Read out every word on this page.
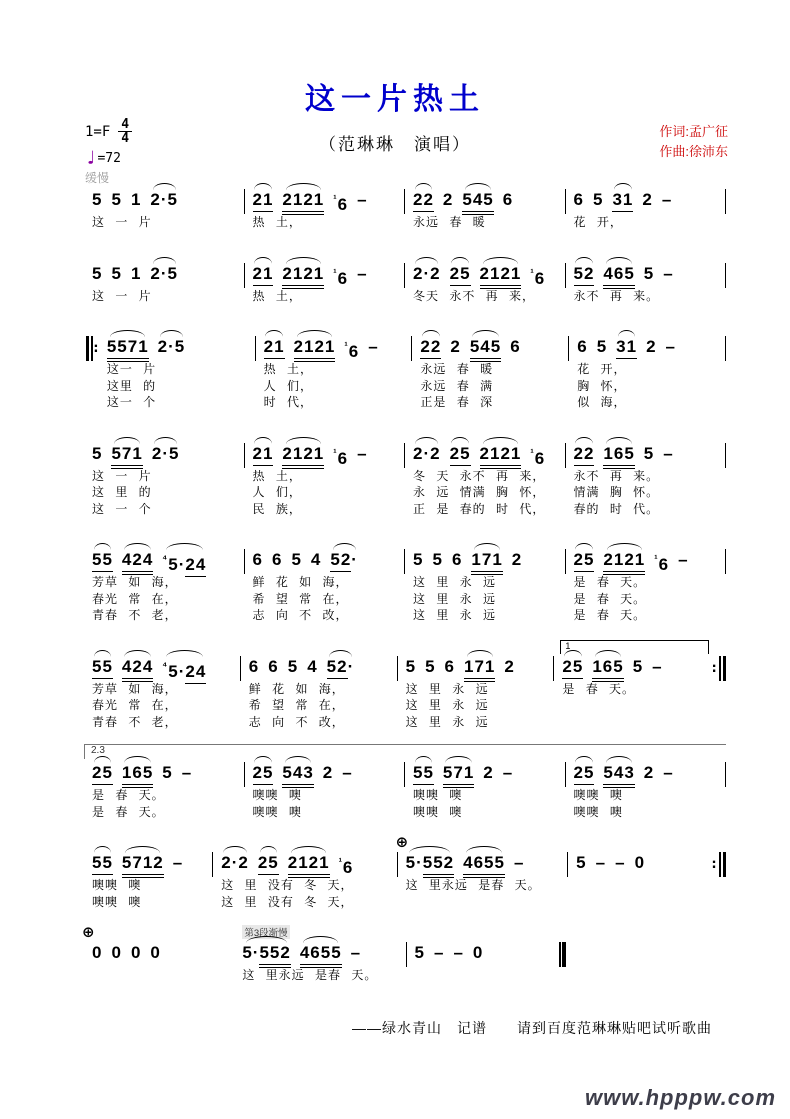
这一片热土
（范琳琳　演唱）
作词:孟广征
作曲:徐沛东
$1=F \frac{4}{4}$
♩ =72
缓慢
5 5 1 2·5
这 一 片
21 2121 $^{^1}$6 –
热 土，
22 2 545 6
永远 春 暖
6 5 31 2 –
花 开，
5 5 1 2·5
这 一 片
21 2121 $^{^1}$6 –
热 土，
2·2 25 2121 $^{^1}$6
冬天 永不 再 来，
52 465 5 –
永不 再 来。
∶ 5571 2·5
这一 片
这里 的
这一 个
21 2121 $^{^1}$6 –
热 土，
人 们，
时 代，
22 2 545 6
永远 春 暖
永远 春 满
正是 春 深
6 5 31 2 –
花 开，
胸 怀，
似 海，
5 571 2·5
这 一 片
这 里 的
这 一 个
21 2121 $^{^1}$6 –
热 土，
人 们，
民 族，
2·2 25 2121 $^{^1}$6
冬 天 永不 再 来，
永 远 情满 胸 怀，
正 是 春的 时 代，
22 165 5 –
永不 再 来。
情满 胸 怀。
春的 时 代。
55 424 $^{^4}$5·24
芳草 如 海，
春光 常 在，
青春 不 老，
6 6 5 4 52·
鲜 花 如 海，
希 望 常 在，
志 向 不 改，
5 5 6 171 2
这 里 永 远
这 里 永 远
这 里 永 远
25 2121 $^{^1}$6 –
是 春 天。
是 春 天。
是 春 天。
55 424 $^{^4}$5·24
芳草 如 海，
春光 常 在，
青春 不 老，
6 6 5 4 52·
鲜 花 如 海，
希 望 常 在，
志 向 不 改，
5 5 6 171 2
这 里 永 远
这 里 永 远
这 里 永 远
1
25 165 5 –
是 春 天。
∶
2.3
25 165 5 –
是 春 天。
是 春 天。
25 543 2 –
噢噢 噢
噢噢 噢
55 571 2 –
噢噢 噢
噢噢 噢
25 543 2 –
噢噢 噢
噢噢 噢
55 5712 –
噢噢 噢
噢噢 噢
2·2 25 2121 $^{^1}$6
这 里 没有 冬 天，
这 里 没有 冬 天，
⊕
5·552 4655 –
这 里永远 是春 天。
5 – – 0	∶
⊕
0 0 0 0
第3段渐慢
5·552 4655 –
这 里永远 是春 天。
5 – – 0
——绿水青山　记谱　　请到百度范琳琳贴吧试听歌曲
www.hpppw.com
